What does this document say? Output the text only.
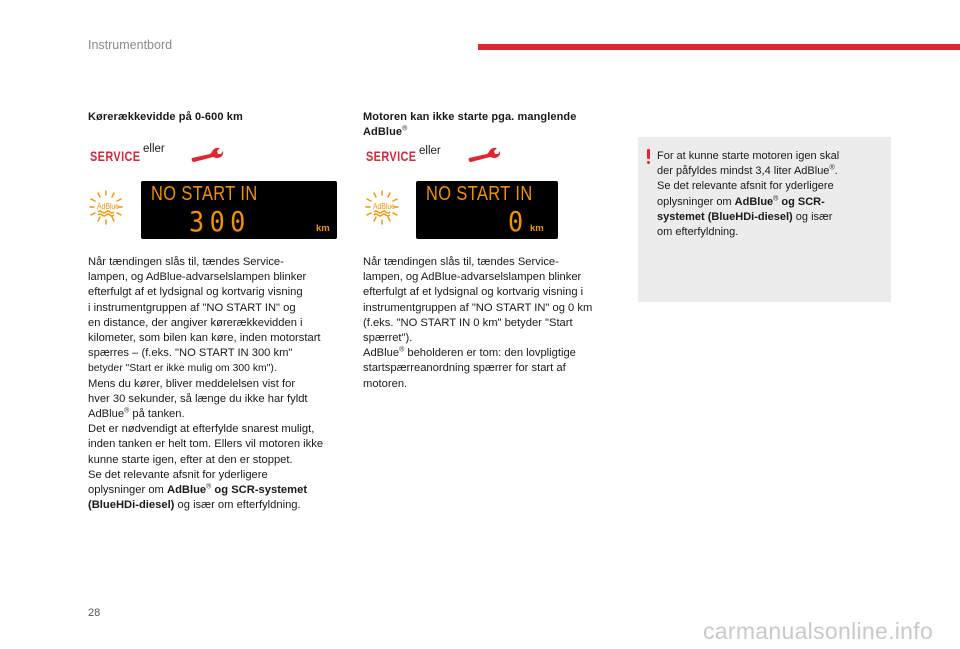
Instrumentbord
Kørerækkevidde på 0-600 km
SERVICE eller
AdBlue
NO START IN
300	km
Når tændingen slås til, tændes Service-
lampen, og AdBlue-advarselslampen blinker
efterfulgt af et lydsignal og kortvarig visning
i instrumentgruppen af "NO START IN" og
en distance, der angiver kørerækkevidden i
kilometer, som bilen kan køre, inden motorstart
spærres – (f.eks. "NO START IN 300 km"
betyder "Start er ikke mulig om 300 km").
Mens du kører, bliver meddelelsen vist for
hver 30 sekunder, så længe du ikke har fyldt
AdBlue® på tanken.
Det er nødvendigt at efterfylde snarest muligt,
inden tanken er helt tom. Ellers vil motoren ikke
kunne starte igen, efter at den er stoppet.
Se det relevante afsnit for yderligere
oplysninger om AdBlue® og SCR-systemet
(BlueHDi-diesel) og især om efterfyldning.
Motoren kan ikke starte pga. manglende
AdBlue®
SERVICE eller
AdBlue
NO START IN
0 km
Når tændingen slås til, tændes Service-
lampen, og AdBlue-advarselslampen blinker
efterfulgt af et lydsignal og kortvarig visning i
instrumentgruppen af "NO START IN" og 0 km
(f.eks. "NO START IN 0 km" betyder "Start
spærret").
AdBlue® beholderen er tom: den lovpligtige
startspærreanordning spærrer for start af
motoren.
For at kunne starte motoren igen skal
der påfyldes mindst 3,4 liter AdBlue®.
Se det relevante afsnit for yderligere
oplysninger om AdBlue® og SCR-
systemet (BlueHDi-diesel) og især
om efterfyldning.
28
carmanualsonline.info
